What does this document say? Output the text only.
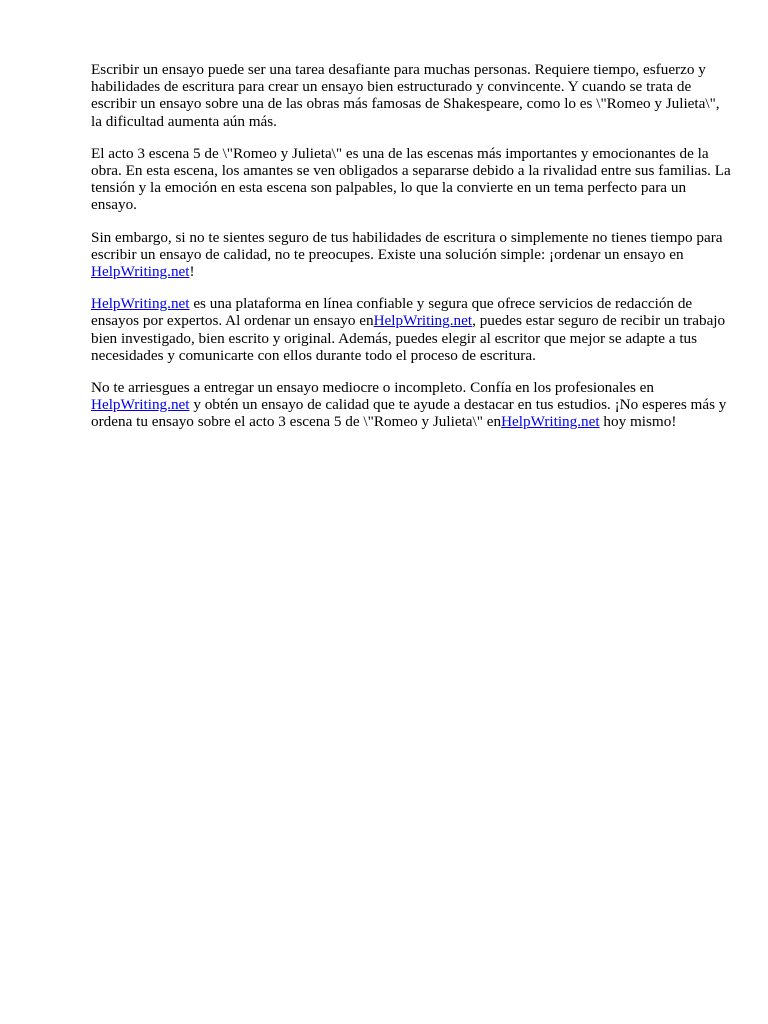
Escribir un ensayo puede ser una tarea desafiante para muchas personas. Requiere tiempo, esfuerzo y habilidades de escritura para crear un ensayo bien estructurado y convincente. Y cuando se trata de escribir un ensayo sobre una de las obras más famosas de Shakespeare, como lo es \"Romeo y Julieta\", la dificultad aumenta aún más.

El acto 3 escena 5 de \"Romeo y Julieta\" es una de las escenas más importantes y emocionantes de la obra. En esta escena, los amantes se ven obligados a separarse debido a la rivalidad entre sus familias. La tensión y la emoción en esta escena son palpables, lo que la convierte en un tema perfecto para un ensayo.

Sin embargo, si no te sientes seguro de tus habilidades de escritura o simplemente no tienes tiempo para escribir un ensayo de calidad, no te preocupes. Existe una solución simple: ¡ordenar un ensayo en HelpWriting.net!

HelpWriting.net es una plataforma en línea confiable y segura que ofrece servicios de redacción de ensayos por expertos. Al ordenar un ensayo enHelpWriting.net, puedes estar seguro de recibir un trabajo bien investigado, bien escrito y original. Además, puedes elegir al escritor que mejor se adapte a tus necesidades y comunicarte con ellos durante todo el proceso de escritura.

No te arriesgues a entregar un ensayo mediocre o incompleto. Confía en los profesionales en HelpWriting.net y obtén un ensayo de calidad que te ayude a destacar en tus estudios. ¡No esperes más y ordena tu ensayo sobre el acto 3 escena 5 de \"Romeo y Julieta\" enHelpWriting.net hoy mismo!
